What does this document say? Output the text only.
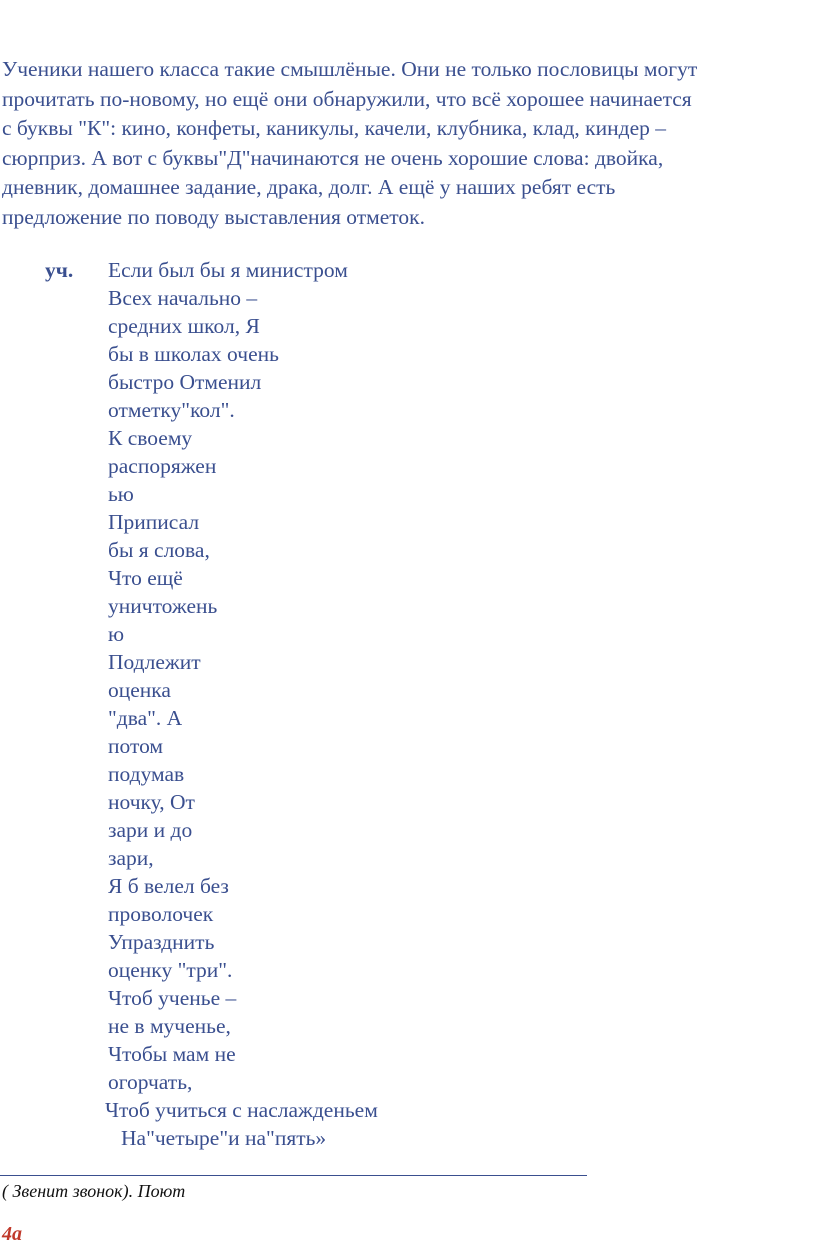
Ученики нашего класса такие смышлёные. Они не только пословицы могут
прочитать по-новому, но ещё они обнаружили, что всё хорошее начинается
с буквы "К": кино, конфеты, каникулы, качели, клубника, клад, киндер –
сюрприз. А вот с буквы"Д"начинаются не очень хорошие слова: двойка,
дневник, домашнее задание, драка, долг. А ещё у наших ребят есть
предложение по поводу выставления отметок.
уч. Если был бы я министром
Всех начально –
средних школ, Я
бы в школах очень
быстро Отменил
отметку"кол".
К своему
распоряжен
ью
Приписал
бы я слова,
Что ещё
уничтожень
ю
Подлежит
оценка
"два". А
потом
подумав
ночку, От
зари и до
зари,
Я б велел без
проволочек
Упразднить
оценку "три".
Чтоб ученье –
не в мученье,
Чтобы мам не
огорчать,
Чтоб учиться с наслажденьем
На"четыре"и на"пять»
( Звенит звонок). Поют
4а
